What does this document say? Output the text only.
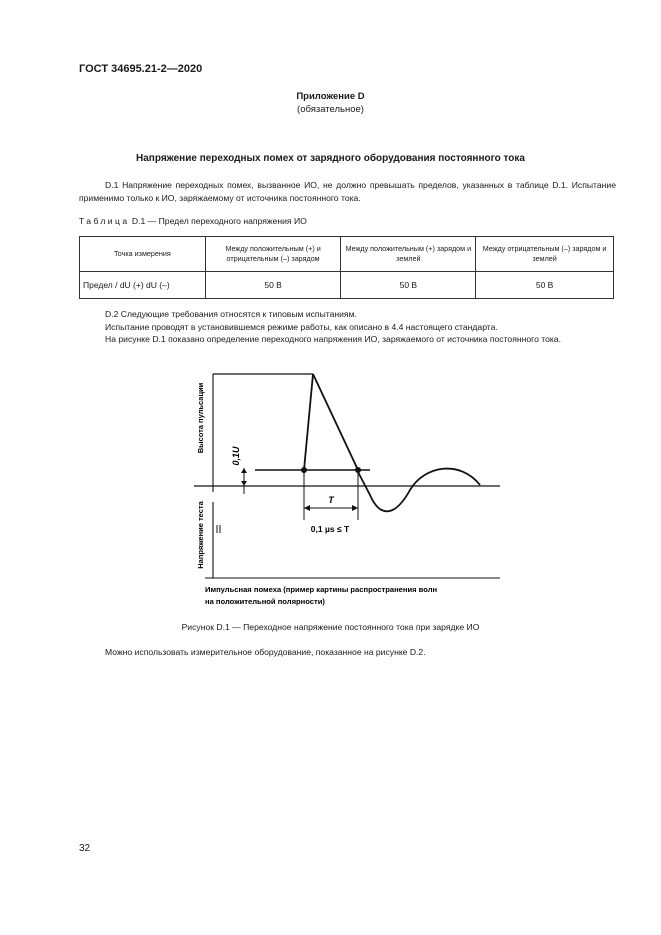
ГОСТ 34695.21-2—2020
Приложение D
(обязательное)
Напряжение переходных помех от зарядного оборудования постоянного тока
D.1 Напряжение переходных помех, вызванное ИО, не должно превышать пределов, указанных в таблице D.1. Испытание применимо только к ИО, заряжаемому от источника постоянного тока.
Таблица D.1 — Предел переходного напряжения ИО
Точка измерения	Между положительным (+) и отрицательным (–) зарядом	Между положительным (+) зарядом и землей	Между отрицательным (–) зарядом и землей
Предел / dU (+) dU (–)	50 В	50 В	50 В
D.2 Следующие требования относятся к типовым испытаниям.
Испытание проводят в установившемся режиме работы, как описано в 4.4 настоящего стандарта.
На рисунке D.1 показано определение переходного напряжения ИО, заряжаемого от источника постоянного тока.
Высота пульсации
Напряжение теста
0,1U
T
0,1 µs ≤ T
Импульсная помеха (пример картины распространения волн
на положительной полярности)
Рисунок D.1 — Переходное напряжение постоянного тока при зарядке ИО
Можно использовать измерительное оборудование, показанное на рисунке D.2.
32
